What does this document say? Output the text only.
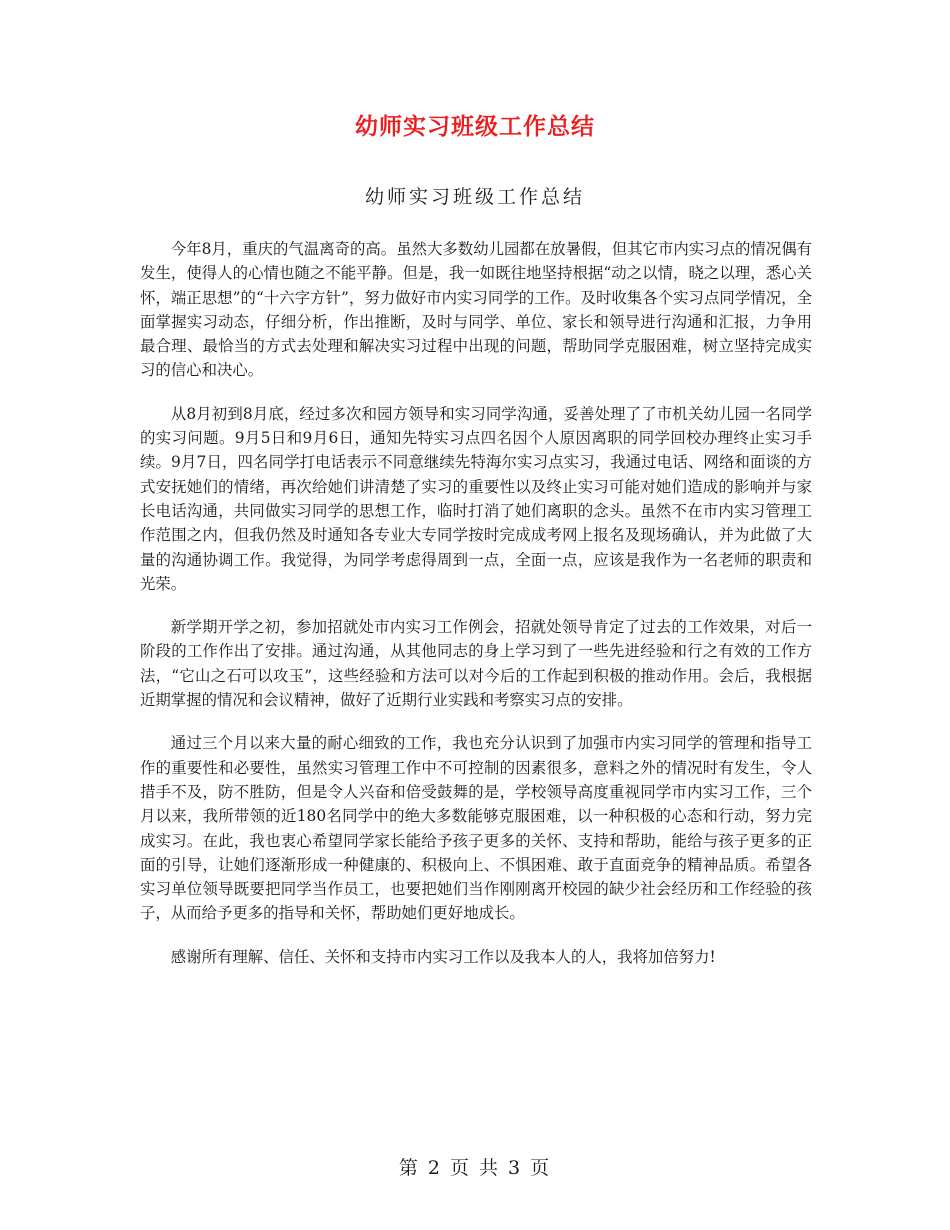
幼师实习班级工作总结
幼师实习班级工作总结

今年8月，重庆的气温离奇的高。虽然大多数幼儿园都在放暑假，但其它市内实习点的情况偶有发生，使得人的心情也随之不能平静。但是，我一如既往地坚持根据“动之以情，晓之以理，悉心关怀，端正思想”的“十六字方针”，努力做好市内实习同学的工作。及时收集各个实习点同学情况，全面掌握实习动态，仔细分析，作出推断，及时与同学、单位、家长和领导进行沟通和汇报，力争用最合理、最恰当的方式去处理和解决实习过程中出现的问题，帮助同学克服困难，树立坚持完成实习的信心和决心。

从8月初到8月底，经过多次和园方领导和实习同学沟通，妥善处理了了市机关幼儿园一名同学的实习问题。9月5日和9月6日，通知先特实习点四名因个人原因离职的同学回校办理终止实习手续。9月7日，四名同学打电话表示不同意继续先特海尔实习点实习，我通过电话、网络和面谈的方式安抚她们的情绪，再次给她们讲清楚了实习的重要性以及终止实习可能对她们造成的影响并与家长电话沟通，共同做实习同学的思想工作，临时打消了她们离职的念头。虽然不在市内实习管理工作范围之内，但我仍然及时通知各专业大专同学按时完成成考网上报名及现场确认，并为此做了大量的沟通协调工作。我觉得，为同学考虑得周到一点，全面一点，应该是我作为一名老师的职责和光荣。

新学期开学之初，参加招就处市内实习工作例会，招就处领导肯定了过去的工作效果，对后一阶段的工作作出了安排。通过沟通，从其他同志的身上学习到了一些先进经验和行之有效的工作方法，“它山之石可以攻玉”，这些经验和方法可以对今后的工作起到积极的推动作用。会后，我根据近期掌握的情况和会议精神，做好了近期行业实践和考察实习点的安排。

通过三个月以来大量的耐心细致的工作，我也充分认识到了加强市内实习同学的管理和指导工作的重要性和必要性，虽然实习管理工作中不可控制的因素很多，意料之外的情况时有发生，令人措手不及，防不胜防，但是令人兴奋和倍受鼓舞的是，学校领导高度重视同学市内实习工作，三个月以来，我所带领的近180名同学中的绝大多数能够克服困难，以一种积极的心态和行动，努力完成实习。在此，我也衷心希望同学家长能给予孩子更多的关怀、支持和帮助，能给与孩子更多的正面的引导，让她们逐渐形成一种健康的、积极向上、不惧困难、敢于直面竞争的精神品质。希望各实习单位领导既要把同学当作员工，也要把她们当作刚刚离开校园的缺少社会经历和工作经验的孩子，从而给予更多的指导和关怀，帮助她们更好地成长。

感谢所有理解、信任、关怀和支持市内实习工作以及我本人的人，我将加倍努力!

第 2 页 共 3 页
